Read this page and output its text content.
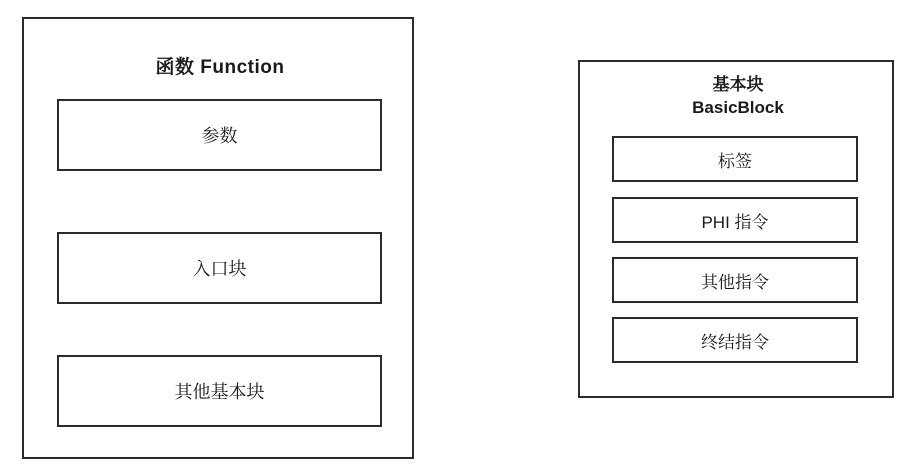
函数 Function
参数
入口块
其他基本块
基本块
BasicBlock
标签
PHI 指令
其他指令
终结指令
